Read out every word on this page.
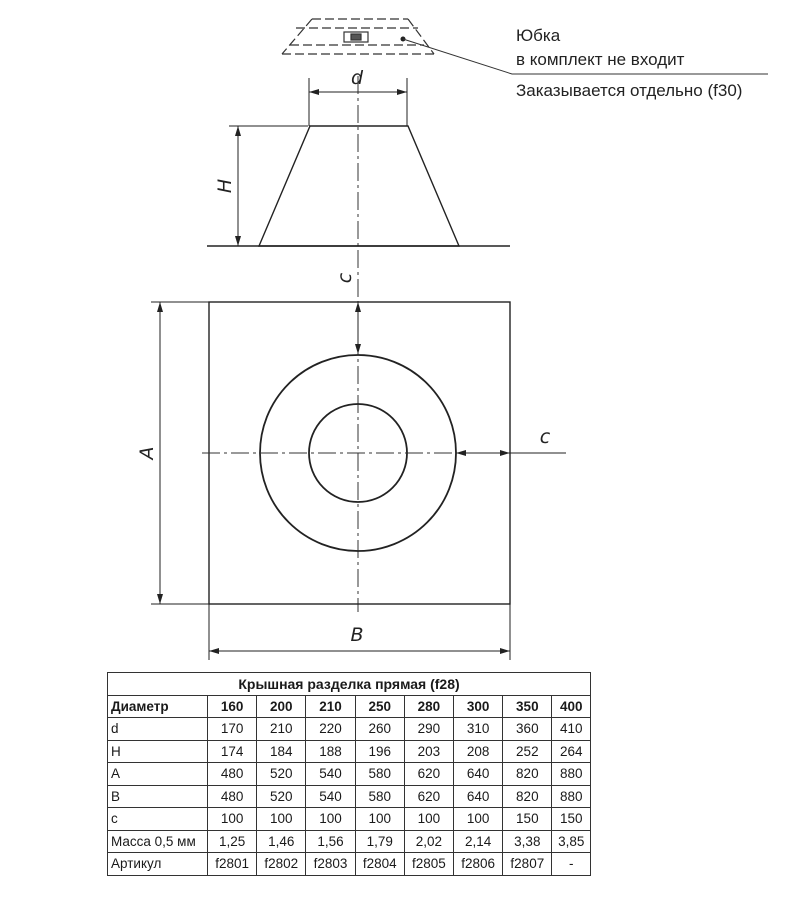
d
H
c
c
A
B
Юбка
в комплект не входит
Заказывается отдельно (f30)
Крышная разделка прямая (f28)								
Диаметр	160	200	210	250	280	300	350	400
d	170	210	220	260	290	310	360	410
H	174	184	188	196	203	208	252	264
A	480	520	540	580	620	640	820	880
B	480	520	540	580	620	640	820	880
c	100	100	100	100	100	100	150	150
Масса 0,5 мм	1,25	1,46	1,56	1,79	2,02	2,14	3,38	3,85
Артикул	f2801	f2802	f2803	f2804	f2805	f2806	f2807	-
